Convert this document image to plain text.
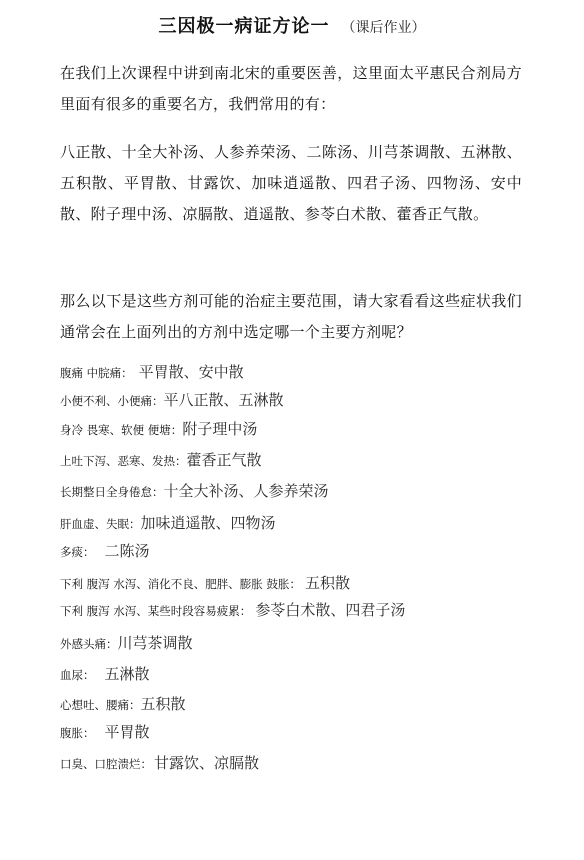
三因极一病证方论一 （课后作业）
在我们上次课程中讲到南北宋的重要医善，这里面太平惠民合剂局方里面有很多的重要名方，我們常用的有：
八正散、十全大补汤、人参养荣汤、二陈汤、川芎茶调散、五淋散、五积散、平胃散、甘露饮、加味逍遥散、四君子汤、四物汤、安中散、附子理中汤、凉膈散、逍遥散、参苓白术散、藿香正气散。
那么以下是这些方剂可能的治症主要范围，请大家看看这些症状我们通常会在上面列出的方剂中选定哪一个主要方剂呢？
腹痛 中脘痛： 平胃散、安中散
小便不利、小便痛：平八正散、五淋散
身冷 畏寒、软便 便塘：附子理中汤
上吐下泻、恶寒、发热：藿香正气散
长期整日全身倦怠：十全大补汤、人参养荣汤
肝血虚、失眠：加味逍遥散、四物汤
多痰： 二陈汤
下利 腹泻 水泻、消化不良、肥胖、膨胀 鼓胀： 五积散
下利 腹泻 水泻、某些时段容易疲累： 参苓白术散、四君子汤
外感头痛：川芎茶调散
血尿： 五淋散
心想吐、腰痛：五积散
腹胀： 平胃散
口臭、口腔溃烂： 甘露饮、凉膈散
